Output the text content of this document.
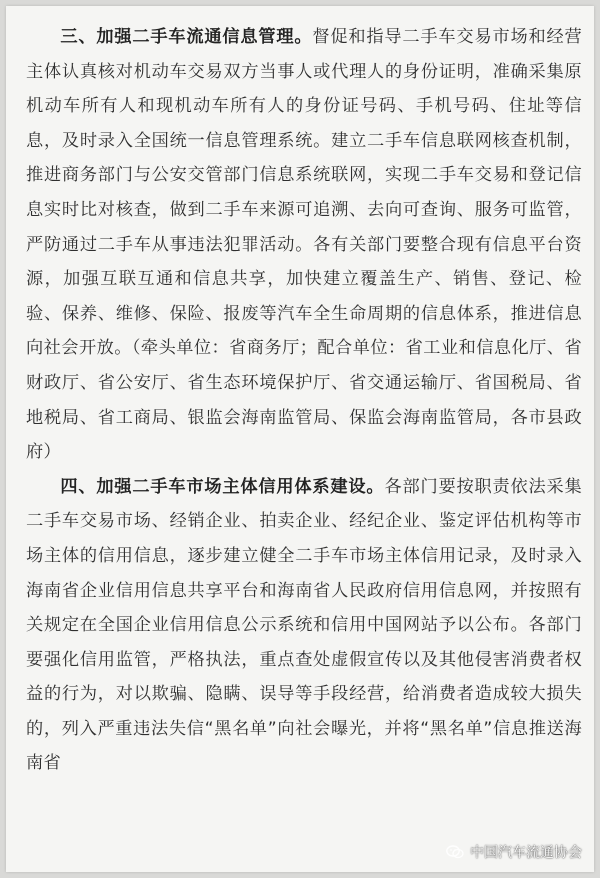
三、加强二手车流通信息管理。督促和指导二手车交易市场和经营主体认真核对机动车交易双方当事人或代理人的身份证明，准确采集原机动车所有人和现机动车所有人的身份证号码、手机号码、住址等信息，及时录入全国统一信息管理系统。建立二手车信息联网核查机制，推进商务部门与公安交管部门信息系统联网，实现二手车交易和登记信息实时比对核查，做到二手车来源可追溯、去向可查询、服务可监管，严防通过二手车从事违法犯罪活动。各有关部门要整合现有信息平台资源，加强互联互通和信息共享，加快建立覆盖生产、销售、登记、检验、保养、维修、保险、报废等汽车全生命周期的信息体系，推进信息向社会开放。（牵头单位：省商务厅；配合单位：省工业和信息化厅、省财政厅、省公安厅、省生态环境保护厅、省交通运输厅、省国税局、省地税局、省工商局、银监会海南监管局、保监会海南监管局，各市县政府）

四、加强二手车市场主体信用体系建设。各部门要按职责依法采集二手车交易市场、经销企业、拍卖企业、经纪企业、鉴定评估机构等市场主体的信用信息，逐步建立健全二手车市场主体信用记录，及时录入海南省企业信用信息共享平台和海南省人民政府信用信息网，并按照有关规定在全国企业信用信息公示系统和信用中国网站予以公布。各部门要强化信用监管，严格执法，重点查处虚假宣传以及其他侵害消费者权益的行为，对以欺骗、隐瞒、误导等手段经营，给消费者造成较大损失的，列入严重违法失信“黑名单”向社会曝光，并将“黑名单”信息推送海南省

中国汽车流通协会
